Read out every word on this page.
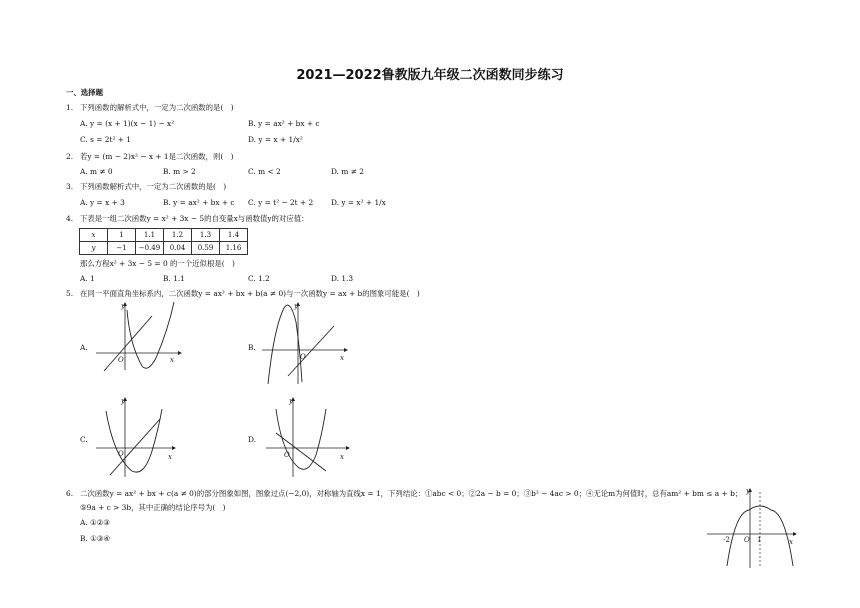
2021—2022鲁教版九年级二次函数同步练习
一、选择题
1. 下列函数的解析式中，一定为二次函数的是( )
A. y = (x + 1)(x − 1) − x²	B. y = ax² + bx + c
C. s = 2t² + 1	D. y = x + 1/x²
2. 若y = (m − 2)x² − x + 1是二次函数，则( )
A. m ≠ 0	B. m > 2	C. m < 2	D. m ≠ 2
3. 下列函数解析式中，一定为二次函数的是( )
A. y = x + 3	B. y = ax² + bx + c C. y = t² − 2t + 2 D. y = x² + 1/x
4. 下表是一组二次函数y = x² + 3x − 5的自变量x与函数值y的对应值：
x	1	1.1	1.2	1.3	1.4
y	−1	−0.49	0.04	0.59	1.16
那么方程x² + 3x − 5 = 0 的一个近似根是( )
A. 1	B. 1.1	C. 1.2	D. 1.3
5. 在同一平面直角坐标系内，二次函数y = ax² + bx + b(a ≠ 0)与一次函数y = ax + b的图象可能是( )
A.
y
x
O
B.
y
x
O
C.
y
x
O
D.
y
x
O
6. 二次函数y = ax² + bx + c(a ≠ 0)的部分图象如图，图象过点(−2,0)，对称轴为直线x = 1，下列结论：①abc < 0；②2a − b = 0；③b² − 4ac > 0；④无论m为何值时，总有am² + bm ≤ a + b；
⑤9a + c > 3b，其中正确的结论序号为( )
A. ①②③
B. ①③④
y
x
-2 O 1
